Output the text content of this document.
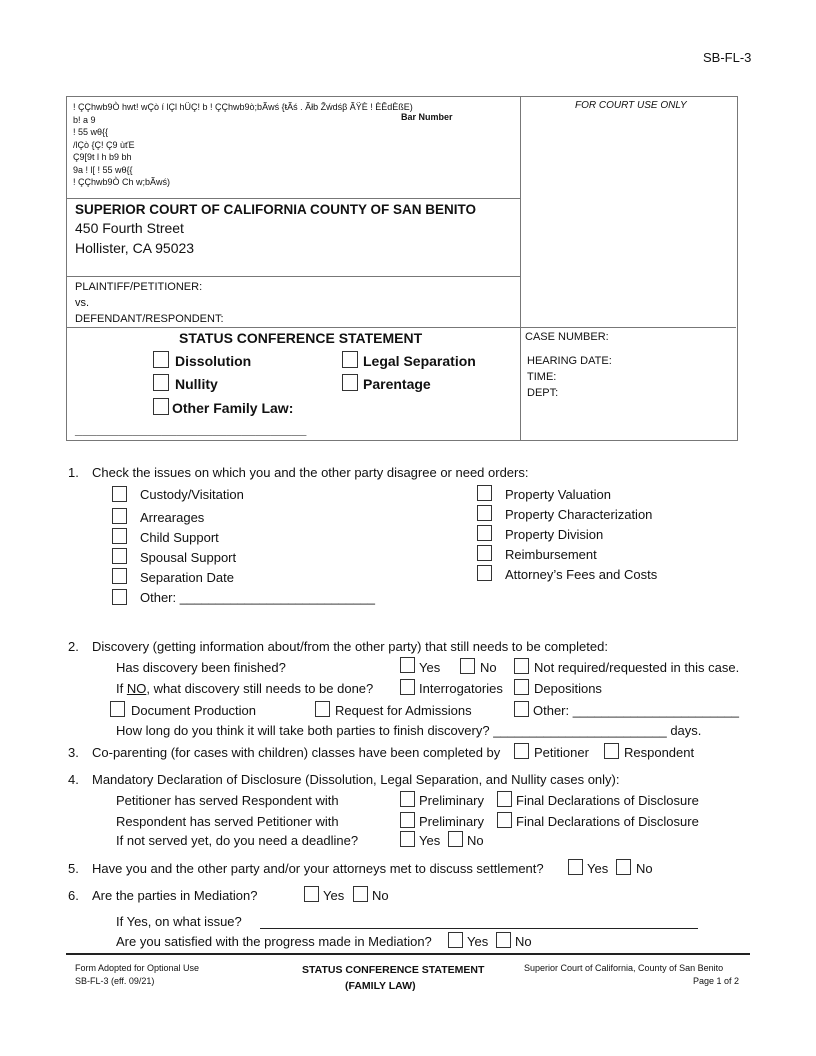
SB-FL-3
! ÇÇhwb9Ò hwt! wÇò í lÇl hÜÇ! b ! ÇÇhwb9ò;bÃwś {ŧÃś . Ãłb Žẃdśβ ÃŸÈ ! ÈÊdÈßE)
b! a 9
! 55 wθ{{
/lÇò {Ç! Ç9 ùtΈ
Ç9[9t l h b9 bh
9a ! l[ ! 55 wθ{{
! ÇÇhwb9Ò Ch w;bÃwś)
Bar Number
FOR COURT USE ONLY
SUPERIOR COURT OF CALIFORNIA COUNTY OF SAN BENITO
450 Fourth Street
Hollister, CA 95023
PLAINTIFF/PETITIONER:
vs.
DEFENDANT/RESPONDENT:
STATUS CONFERENCE STATEMENT
Dissolution
Nullity
Other Family Law:
________________________________
Legal Separation
Parentage
CASE NUMBER:
HEARING DATE:
TIME:
DEPT:
1. Check the issues on which you and the other party disagree or need orders:
Custody/Visitation
Arrearages
Child Support
Spousal Support
Separation Date
Other: ___________________________
Property Valuation
Property Characterization
Property Division
Reimbursement
Attorney’s Fees and Costs
2. Discovery (getting information about/from the other party) that still needs to be completed:
Has discovery been finished?	Yes	No	Not required/requested in this case.
If NO, what discovery still needs to be done?	Interrogatories Depositions
Document Production	Request for Admissions	Other: _______________________
How long do you think it will take both parties to finish discovery? ________________________ days.
3. Co-parenting (for cases with children) classes have been completed by	Petitioner	Respondent
4. Mandatory Declaration of Disclosure (Dissolution, Legal Separation, and Nullity cases only):
Petitioner has served Respondent with	Preliminary Final Declarations of Disclosure
Respondent has served Petitioner with	Preliminary Final Declarations of Disclosure
If not served yet, do you need a deadline?	Yes No
5. Have you and the other party and/or your attorneys met to discuss settlement?	Yes No
6. Are the parties in Mediation?	Yes No
If Yes, on what issue?
Are you satisfied with the progress made in Mediation?	Yes No
Form Adopted for Optional Use
SB-FL-3 (eff. 09/21)
STATUS CONFERENCE STATEMENT
(FAMILY LAW)
Superior Court of California, County of San Benito
Page 1 of 2
